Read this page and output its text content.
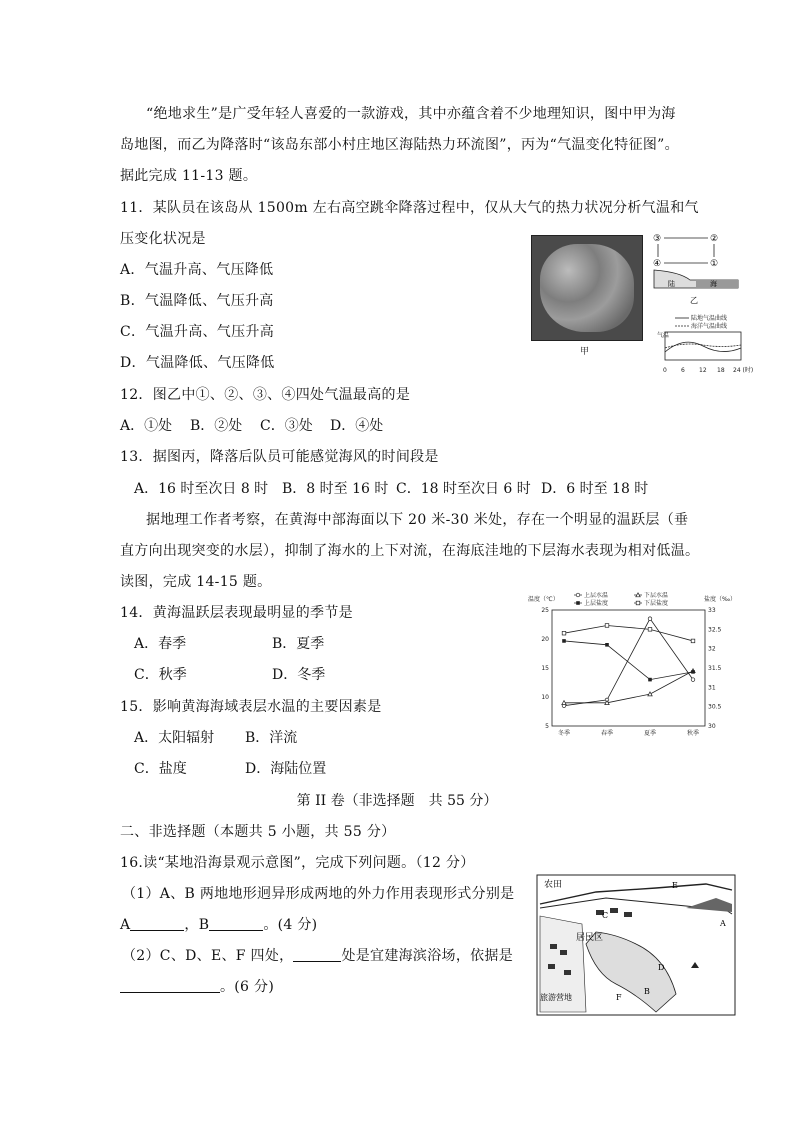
“绝地求生”是广受年轻人喜爱的一款游戏，其中亦蕴含着不少地理知识，图中甲为海
岛地图，而乙为降落时“该岛东部小村庄地区海陆热力环流图”，丙为“气温变化特征图”。
据此完成 11-13 题。
11．某队员在该岛从 1500m 左右高空跳伞降落过程中，仅从大气的热力状况分析气温和气
压变化状况是
A．气温升高、气压降低
B．气温降低、气压升高
C．气温升高、气压升高
D．气温降低、气压降低
12．图乙中①、②、③、④四处气温最高的是
A．①处 B．②处 C．③处 D．④处
13．据图丙，降落后队员可能感觉海风的时间段是
A．16 时至次日 8 时 B．8 时至 16 时 C．18 时至次日 6 时 D．6 时至 18 时
据地理工作者考察，在黄海中部海面以下 20 米-30 米处，存在一个明显的温跃层（垂
直方向出现突变的水层），抑制了海水的上下对流，在海底洼地的下层海水表现为相对低温。
读图，完成 14-15 题。
14．黄海温跃层表现最明显的季节是
A．春季	B．夏季
C．秋季	D．冬季
15．影响黄海海域表层水温的主要因素是
A．太阳辐射 B．洋流
C．盐度	D．海陆位置
第 II 卷（非选择题　共 55 分）
二、非选择题（本题共 5 小题，共 55 分）
16.读“某地沿海景观示意图”，完成下列问题。（12 分）
（1）A、B 两地地形迥异形成两地的外力作用表现形式分别是
A	，B	。(4 分)
（2）C、D、E、F 四处，	处是宜建海滨浴场，依据是
。(6 分)
甲
③	②
④	①
陆	海
乙
陆地气温曲线
海洋气温曲线
气温
0 6 12 18 24 (时)
温度（℃）	盐度（‰）
上层水温	下层水温
上层盐度	下层盐度
5
10
15
20
25
30
30.5
31
31.5
32
32.5
33
冬季	春季	夏季	秋季
农田
居民区
旅游营地
A
B
C
D
E
F
